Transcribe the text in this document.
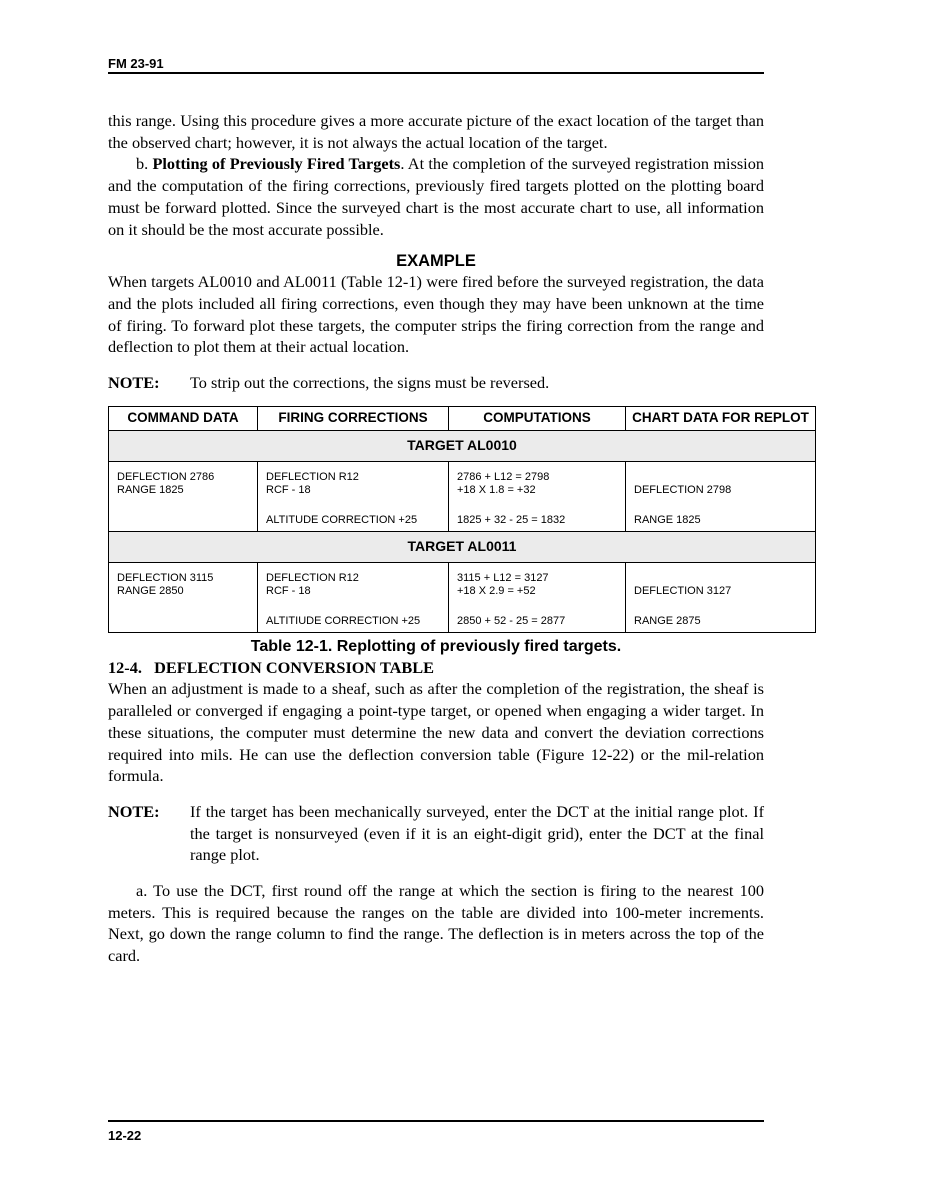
FM 23-91

this range. Using this procedure gives a more accurate picture of the exact location of the target than the observed chart; however, it is not always the actual location of the target.

b. Plotting of Previously Fired Targets. At the completion of the surveyed registration mission and the computation of the firing corrections, previously fired targets plotted on the plotting board must be forward plotted. Since the surveyed chart is the most accurate chart to use, all information on it should be the most accurate possible.

EXAMPLE

When targets AL0010 and AL0011 (Table 12-1) were fired before the surveyed registration, the data and the plots included all firing corrections, even though they may have been unknown at the time of firing. To forward plot these targets, the computer strips the firing correction from the range and deflection to plot them at their actual location.

NOTE:	To strip out the corrections, the signs must be reversed.
COMMAND DATA	FIRING CORRECTIONS	COMPUTATIONS	CHART DATA FOR REPLOT
TARGET AL0010			

DEFLECTION 2786
RANGE 1825	DEFLECTION R12
RCF - 18
ALTITUDE CORRECTION +25	2786 + L12 = 2798
+18 X 1.8 = +32
1825 + 32 - 25 = 1832	DEFLECTION 2798
RANGE 1825

TARGET AL0011			

DEFLECTION 3115
RANGE 2850	DEFLECTION R12
RCF - 18
ALTITIUDE CORRECTION +25	3115 + L12 = 3127
+18 X 2.9 = +52
2850 + 52 - 25 = 2877	DEFLECTION 3127
RANGE 2875
Table 12-1. Replotting of previously fired targets.

12-4.   DEFLECTION CONVERSION TABLE

When an adjustment is made to a sheaf, such as after the completion of the registration, the sheaf is paralleled or converged if engaging a point-type target, or opened when engaging a wider target. In these situations, the computer must determine the new data and convert the deviation corrections required into mils. He can use the deflection conversion table (Figure 12-22) or the mil-relation formula.

NOTE:	If the target has been mechanically surveyed, enter the DCT at the initial range plot. If the target is nonsurveyed (even if it is an eight-digit grid), enter the DCT at the final range plot.

a. To use the DCT, first round off the range at which the section is firing to the nearest 100 meters. This is required because the ranges on the table are divided into 100-meter increments. Next, go down the range column to find the range. The deflection is in meters across the top of the card.

12-22
